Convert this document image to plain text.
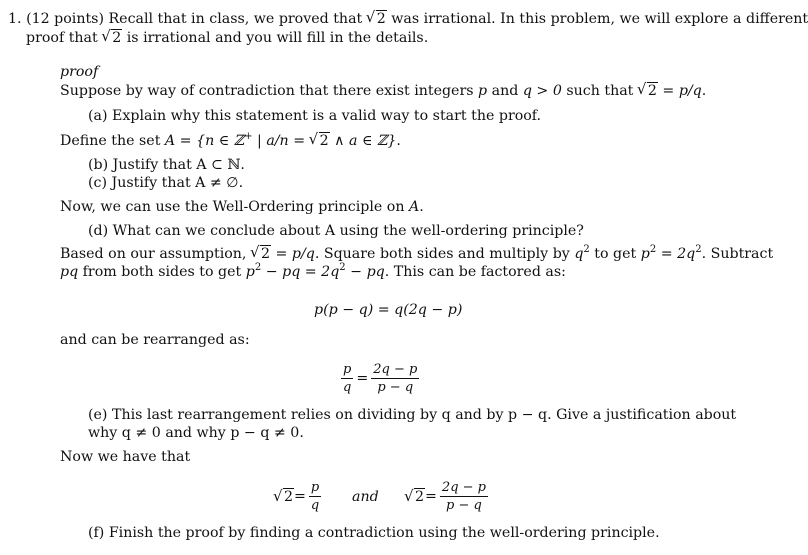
1. (12 points) Recall that in class, we proved that √ 2 was irrational. In this problem, we will explore a different
proof that √ 2 is irrational and you will fill in the details.
proof
Suppose by way of contradiction that there exist integers p and q > 0 such that √ 2 = p/q.
(a) Explain why this statement is a valid way to start the proof.
Define the set A = {n ∈ ℤ+ | a/n = √ 2 ∧ a ∈ ℤ}.
(b) Justify that A ⊂ ℕ.
(c) Justify that A ≠ ∅.
Now, we can use the Well-Ordering principle on A.
(d) What can we conclude about A using the well-ordering principle?
Based on our assumption, √ 2 = p/q. Square both sides and multiply by $q^2$ to get $p^2 = 2q^2$. Subtract
pq from both sides to get $p^2$ − pq = $2q^2$ − pq. This can be factored as:
p(p − q) = q(2q − p)
and can be rearranged as:
$\frac{p}{q} = \frac{2q - p}{p - q}$
(e) This last rearrangement relies on dividing by q and by p − q. Give a justification about
why q ≠ 0 and why p − q ≠ 0.
Now we have that
√ $2= \frac{p}{q}$ and
√	$2= \frac{2q - p}{p - q}$
(f) Finish the proof by finding a contradiction using the well-ordering principle.
